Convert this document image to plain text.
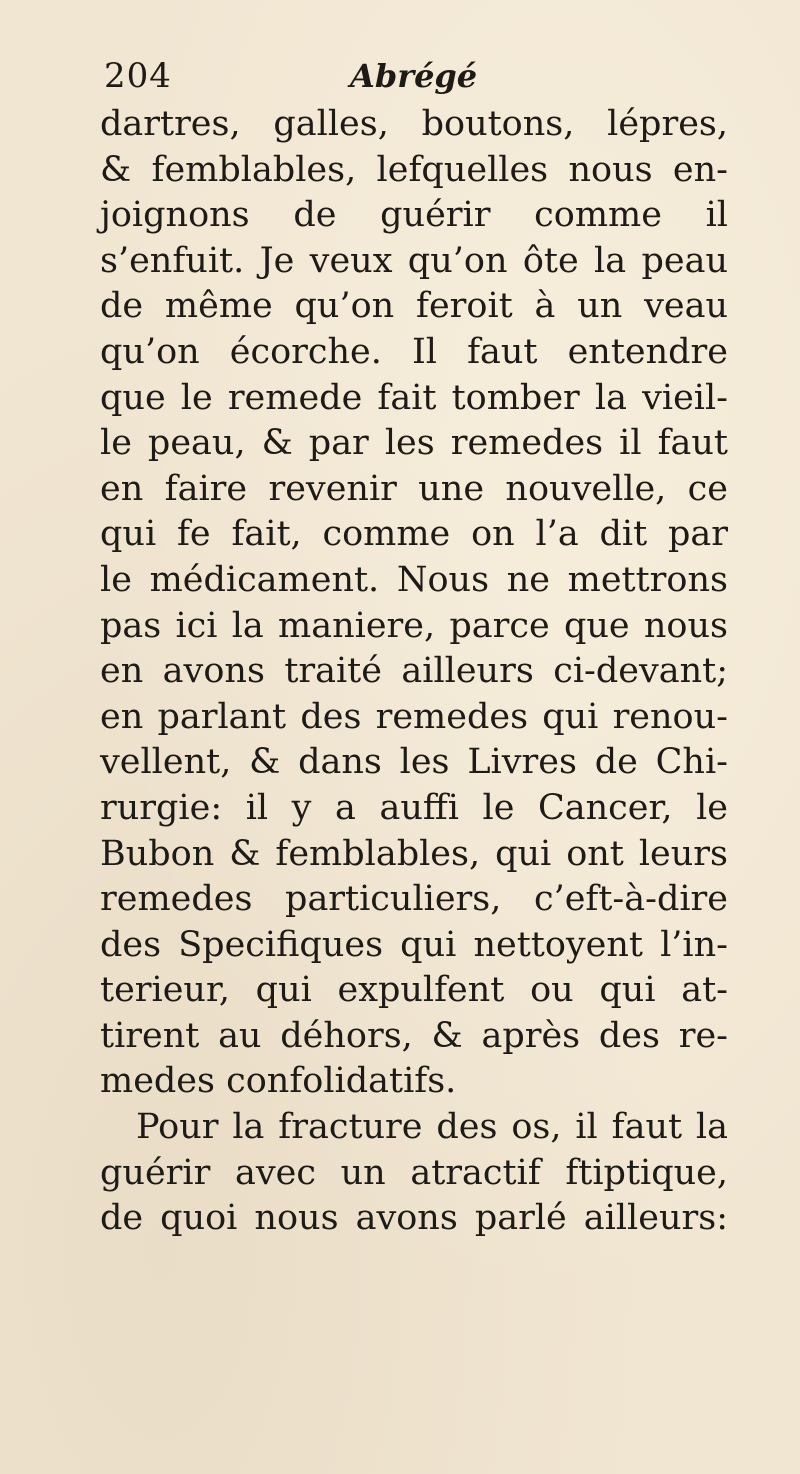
204	Abrégé
dartres, galles, boutons, lépres,
& femblables, lefquelles nous en-
joignons de guérir comme il
s’enfuit. Je veux qu’on ôte la peau
de même qu’on feroit à un veau
qu’on écorche. Il faut entendre
que le remede fait tomber la vieil-
le peau, & par les remedes il faut
en faire revenir une nouvelle, ce
qui fe fait, comme on l’a dit par
le médicament. Nous ne mettrons
pas ici la maniere, parce que nous
en avons traité ailleurs ci-devant;
en parlant des remedes qui renou-
vellent, & dans les Livres de Chi-
rurgie: il y a auffi le Cancer, le
Bubon & femblables, qui ont leurs
remedes particuliers, c’eft-à-dire
des Specifiques qui nettoyent l’in-
terieur, qui expulfent ou qui at-
tirent au déhors, & après des re-
medes confolidatifs.
Pour la fracture des os, il faut la
guérir avec un atractif ftiptique,
de quoi nous avons parlé ailleurs:
